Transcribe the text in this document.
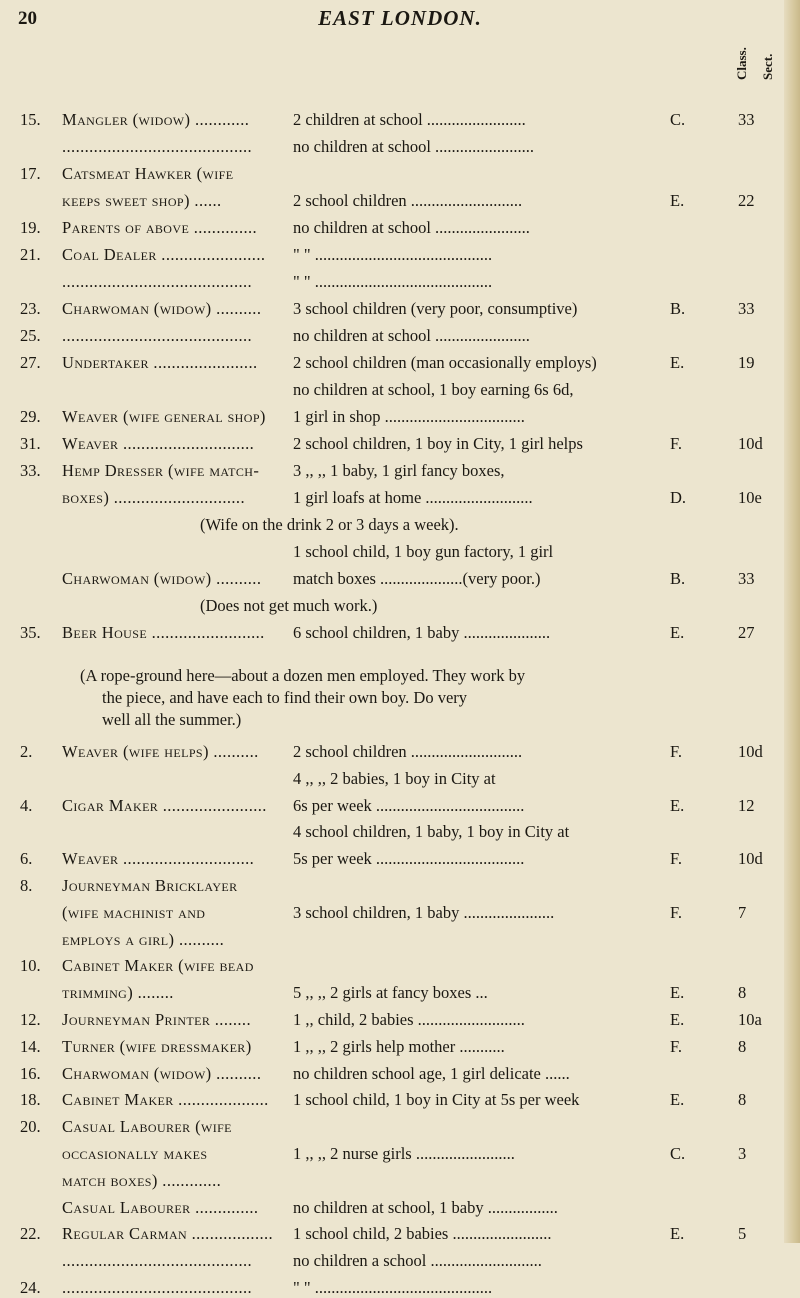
20	EAST LONDON.
Class. Sect.
15.	Mangler (widow) ............	2 children at school ........................	C.	33
.......................................... no children at school ........................
17.	Catsmeat Hawker (wife
keeps sweet shop) ......	2 school children ...........................	E.	22
19.	Parents of above .............. no children at school .......................
21.	Coal Dealer ....................... " " ...........................................
.......................................... " " ...........................................
23.	Charwoman (widow) .......... 3 school children (very poor, consumptive)	B.	33
25.	.......................................... no children at school .......................
27.	Undertaker ....................... 2 school children (man occasionally employs)	E.	19
no children at school, 1 boy earning 6s 6d,
29.	Weaver (wife general shop) 1 girl in shop ..................................
31.	Weaver ............................. 2 school children, 1 boy in City, 1 girl helps	F.	10d
33.	Hemp Dresser (wife match- 3 ,, ,, 1 baby, 1 girl fancy boxes,
boxes) .............................	1 girl loafs at home ..........................	D.	10e
(Wife on the drink 2 or 3 days a week).
1 school child, 1 boy gun factory, 1 girl
Charwoman (widow) .......... match boxes ....................(very poor.)	B.	33
(Does not get much work.)
35.	Beer House ......................... 6 school children, 1 baby .....................	E.	27
(A rope-ground here—about a dozen men employed. They work by
the piece, and have each to find their own boy. Do very
well all the summer.)
2.	Weaver (wife helps) .......... 2 school children ...........................	F.	10d
4 ,, ,, 2 babies, 1 boy in City at
4.	Cigar Maker ....................... 6s per week ....................................	E.	12
4 school children, 1 baby, 1 boy in City at
6.	Weaver ............................. 5s per week ....................................	F.	10d
8.	Journeyman Bricklayer
(wife machinist and	3 school children, 1 baby ......................	F.	7
employs a girl) ..........
10.	Cabinet Maker (wife bead
trimming) ........	5 ,, ,, 2 girls at fancy boxes ...	E.	8
12.	Journeyman Printer ........	1 ,, child, 2 babies ..........................	E.	10a
14.	Turner (wife dressmaker)	1 ,, ,, 2 girls help mother ...........	F.	8
16.	Charwoman (widow) .......... no children school age, 1 girl delicate ......
18.	Cabinet Maker .................... 1 school child, 1 boy in City at 5s per week	E.	8
20.	Casual Labourer (wife
occasionally makes	1 ,, ,, 2 nurse girls ........................	C.	3
match boxes) .............
Casual Labourer .............. no children at school, 1 baby .................
22.	Regular Carman .................. 1 school child, 2 babies ........................	E.	5
.......................................... no children a school ...........................
24.	.......................................... " " ...........................................
